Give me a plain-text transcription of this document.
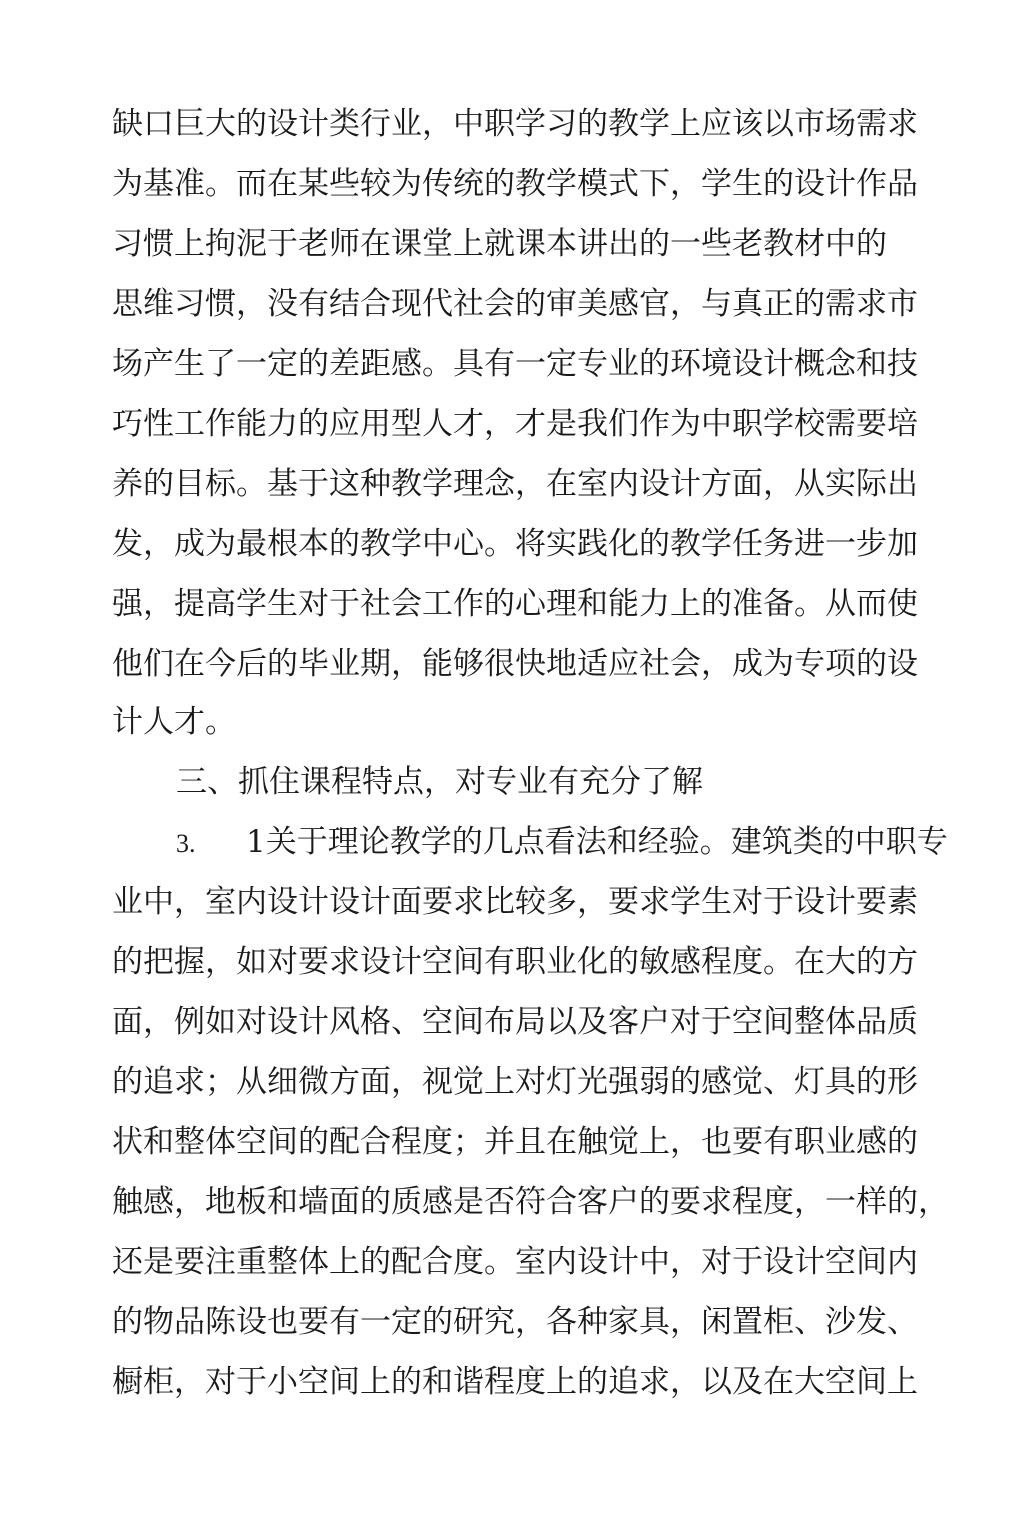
缺口巨大的设计类行业，中职学习的教学上应该以市场需求
为基准。而在某些较为传统的教学模式下，学生的设计作品
习惯上拘泥于老师在课堂上就课本讲出的一些老教材中的
思维习惯，没有结合现代社会的审美感官，与真正的需求市
场产生了一定的差距感。具有一定专业的环境设计概念和技
巧性工作能力的应用型人才，才是我们作为中职学校需要培
养的目标。基于这种教学理念，在室内设计方面，从实际出
发，成为最根本的教学中心。将实践化的教学任务进一步加
强，提高学生对于社会工作的心理和能力上的准备。从而使
他们在今后的毕业期，能够很快地适应社会，成为专项的设
计人才。
三、抓住课程特点，对专业有充分了解
3. 1关于理论教学的几点看法和经验。建筑类的中职专
业中，室内设计设计面要求比较多，要求学生对于设计要素
的把握，如对要求设计空间有职业化的敏感程度。在大的方
面，例如对设计风格、空间布局以及客户对于空间整体品质
的追求；从细微方面，视觉上对灯光强弱的感觉、灯具的形
状和整体空间的配合程度；并且在触觉上，也要有职业感的
触感，地板和墙面的质感是否符合客户的要求程度，一样的，
还是要注重整体上的配合度。室内设计中，对于设计空间内
的物品陈设也要有一定的研究，各种家具，闲置柜、沙发、
橱柜，对于小空间上的和谐程度上的追求，以及在大空间上
